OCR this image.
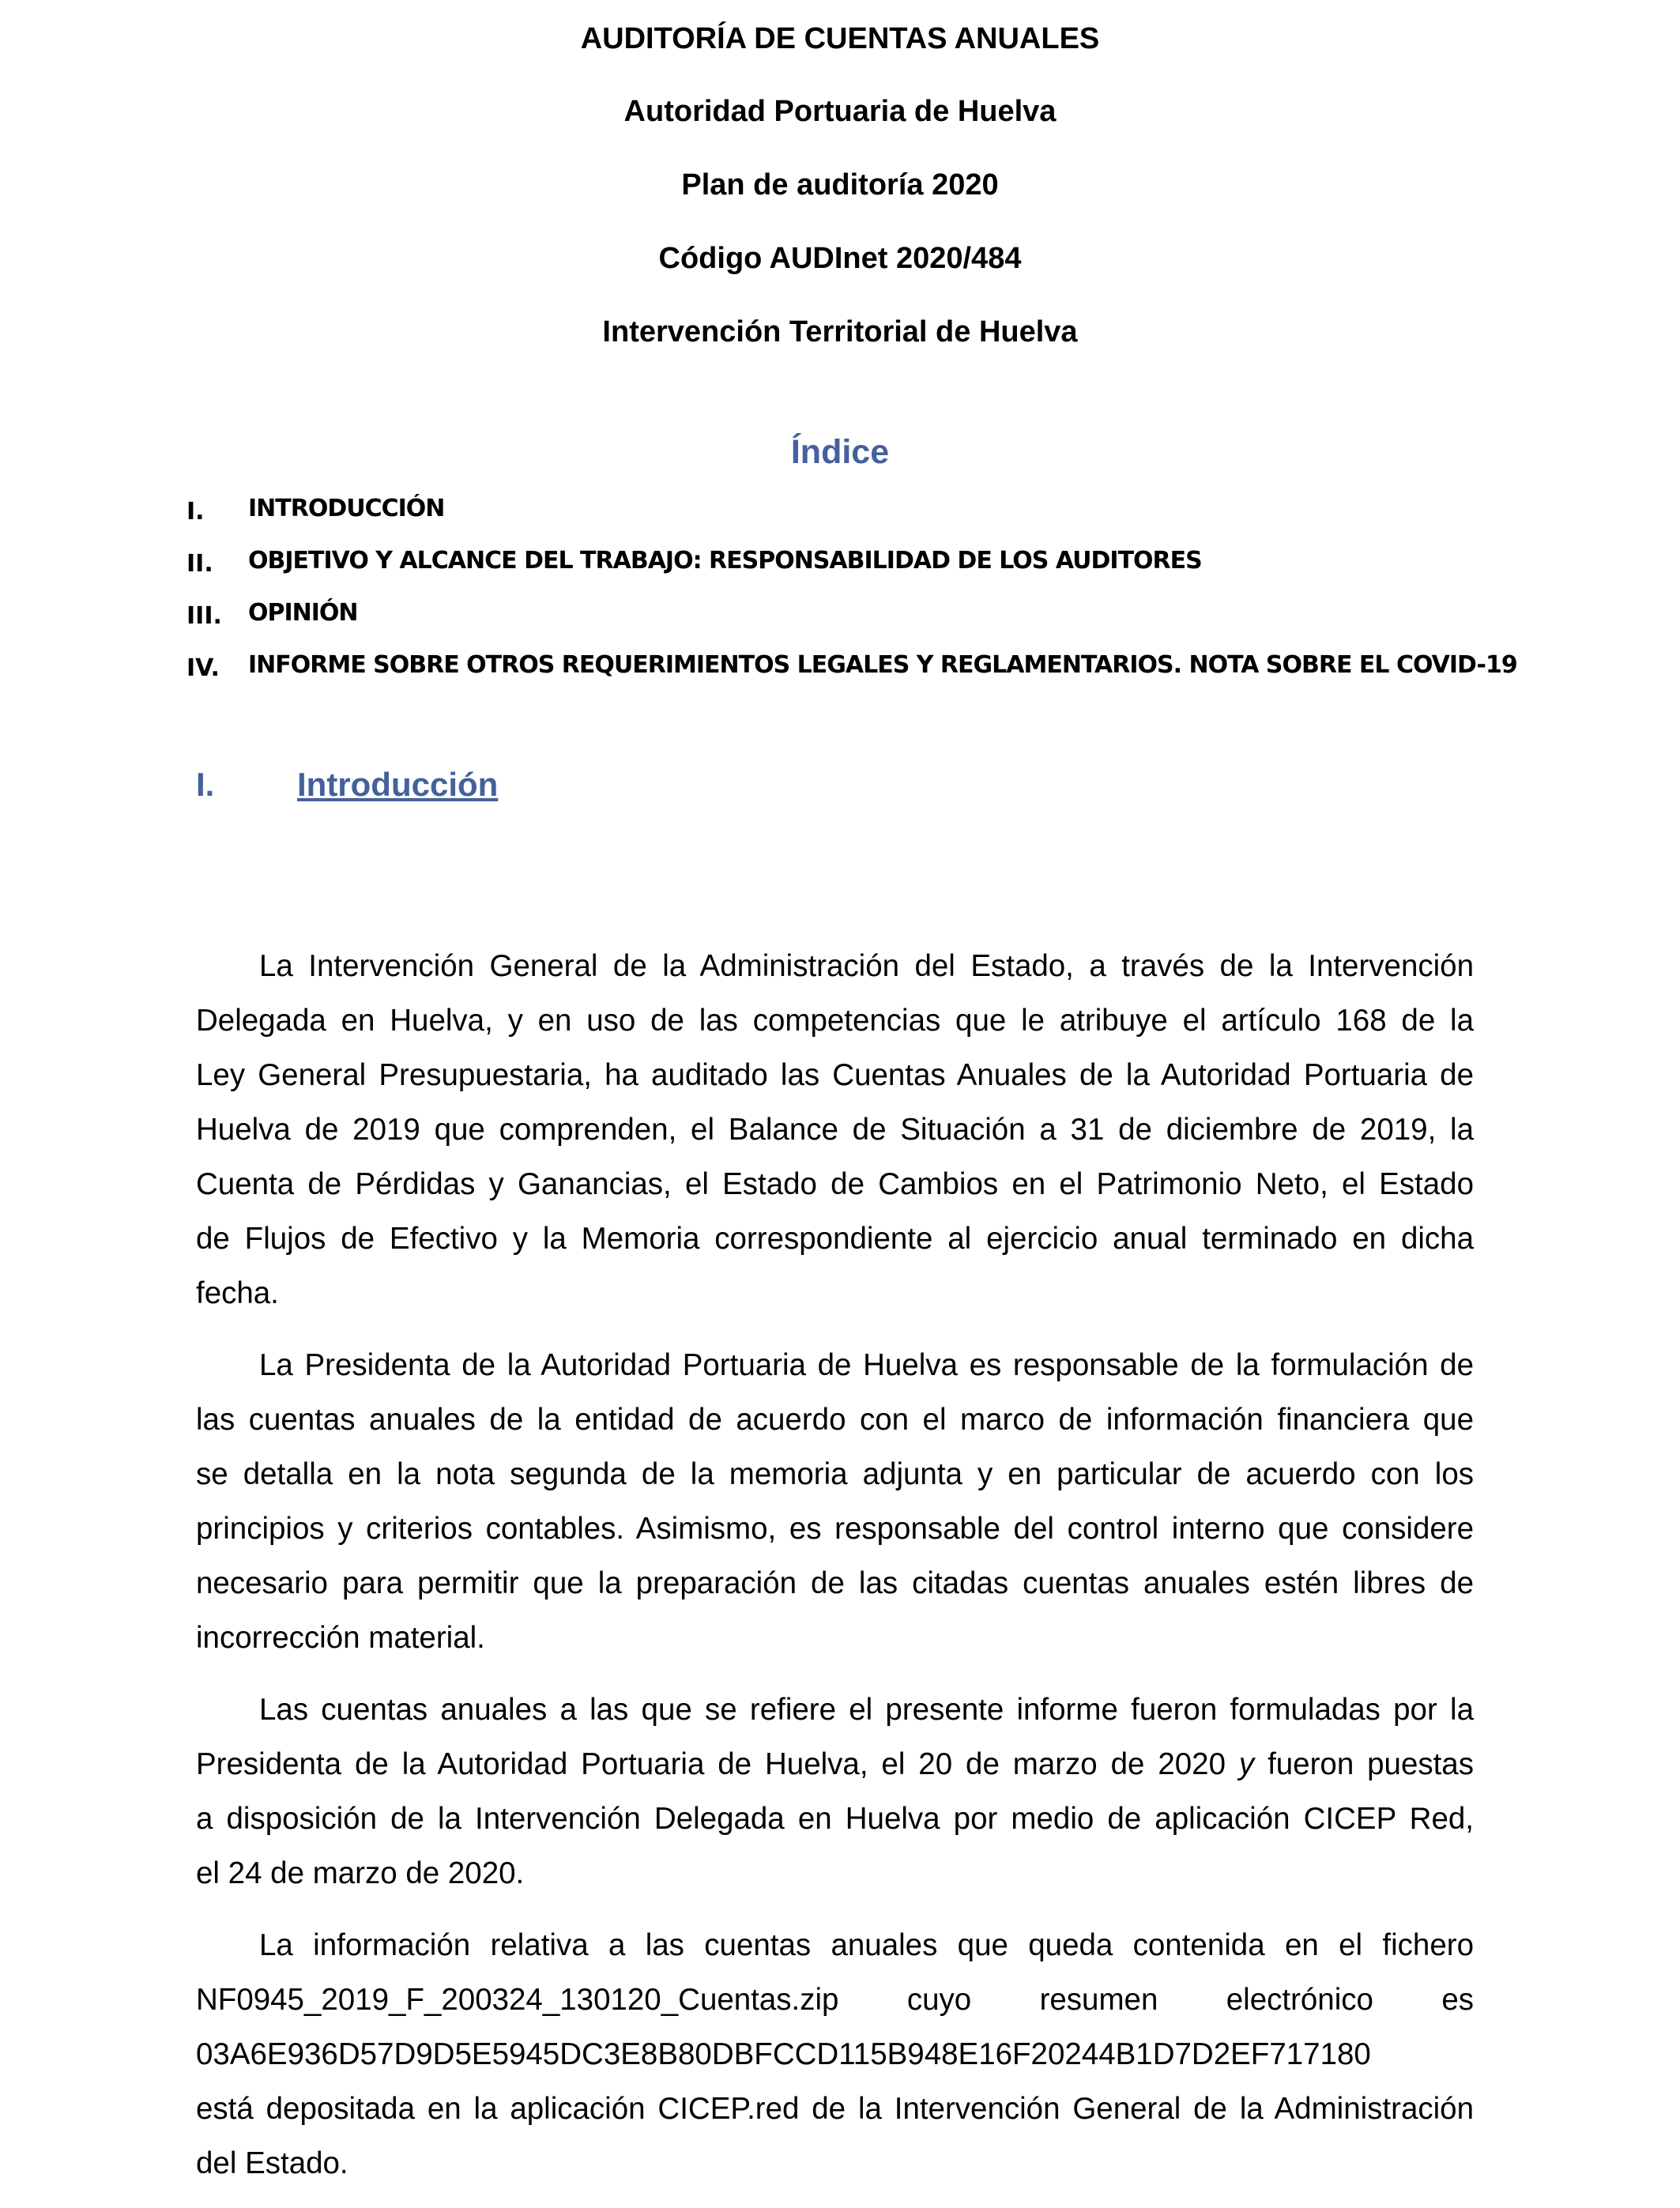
AUDITORÍA DE CUENTAS ANUALES
Autoridad Portuaria de Huelva
Plan de auditoría 2020
Código AUDInet 2020/484
Intervención Territorial de Huelva
Índice
I. INTRODUCCIÓN
II. OBJETIVO Y ALCANCE DEL TRABAJO: RESPONSABILIDAD DE LOS AUDITORES
III. OPINIÓN
IV. INFORME SOBRE OTROS REQUERIMIENTOS LEGALES Y REGLAMENTARIOS. NOTA SOBRE EL COVID-19
I. Introducción
La Intervención General de la Administración del Estado, a través de la Intervención
Delegada en Huelva, y en uso de las competencias que le atribuye el artículo 168 de la
Ley General Presupuestaria, ha auditado las Cuentas Anuales de la Autoridad Portuaria de
Huelva de 2019 que comprenden, el Balance de Situación a 31 de diciembre de 2019, la
Cuenta de Pérdidas y Ganancias, el Estado de Cambios en el Patrimonio Neto, el Estado
de Flujos de Efectivo y la Memoria correspondiente al ejercicio anual terminado en dicha
fecha.
La Presidenta de la Autoridad Portuaria de Huelva es responsable de la formulación de
las cuentas anuales de la entidad de acuerdo con el marco de información financiera que
se detalla en la nota segunda de la memoria adjunta y en particular de acuerdo con los
principios y criterios contables. Asimismo, es responsable del control interno que considere
necesario para permitir que la preparación de las citadas cuentas anuales estén libres de
incorrección material.
Las cuentas anuales a las que se refiere el presente informe fueron formuladas por la
Presidenta de la Autoridad Portuaria de Huelva, el 20 de marzo de 2020 y fueron puestas
a disposición de la Intervención Delegada en Huelva por medio de aplicación CICEP Red,
el 24 de marzo de 2020.
La información relativa a las cuentas anuales que queda contenida en el fichero
NF0945_2019_F_200324_130120_Cuentas.zip cuyo resumen electrónico es
03A6E936D57D9D5E5945DC3E8B80DBFCCD115B948E16F20244B1D7D2EF717180
está depositada en la aplicación CICEP.red de la Intervención General de la Administración
del Estado.
